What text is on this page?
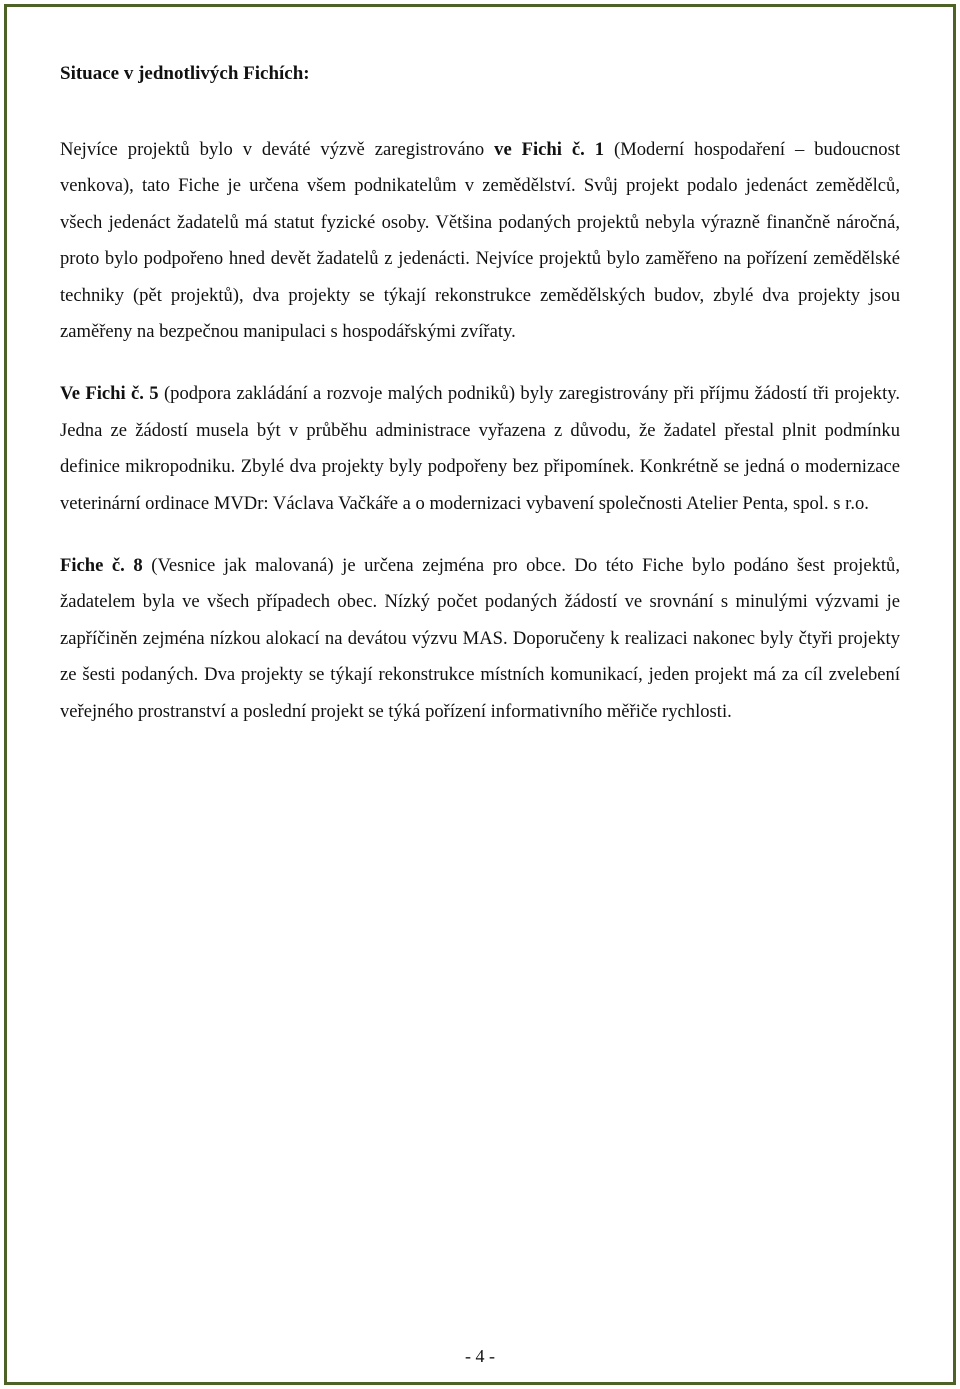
Situace v jednotlivých Fichích:

Nejvíce projektů bylo v deváté výzvě zaregistrováno ve Fichi č. 1 (Moderní hospodaření – budoucnost venkova), tato Fiche je určena všem podnikatelům v zemědělství. Svůj projekt podalo jedenáct zemědělců, všech jedenáct žadatelů má statut fyzické osoby. Většina podaných projektů nebyla výrazně finančně náročná, proto bylo podpořeno hned devět žadatelů z jedenácti. Nejvíce projektů bylo zaměřeno na pořízení zemědělské techniky (pět projektů), dva projekty se týkají rekonstrukce zemědělských budov, zbylé dva projekty jsou zaměřeny na bezpečnou manipulaci s hospodářskými zvířaty.

Ve Fichi č. 5 (podpora zakládání a rozvoje malých podniků) byly zaregistrovány při příjmu žádostí tři projekty. Jedna ze žádostí musela být v průběhu administrace vyřazena z důvodu, že žadatel přestal plnit podmínku definice mikropodniku. Zbylé dva projekty byly podpořeny bez připomínek. Konkrétně se jedná o modernizace veterinární ordinace MVDr: Václava Vačkáře a o modernizaci vybavení společnosti Atelier Penta, spol. s r.o.

Fiche č. 8 (Vesnice jak malovaná) je určena zejména pro obce. Do této Fiche bylo podáno šest projektů, žadatelem byla ve všech případech obec. Nízký počet podaných žádostí ve srovnání s minulými výzvami je zapříčiněn zejména nízkou alokací na devátou výzvu MAS. Doporučeny k realizaci nakonec byly čtyři projekty ze šesti podaných. Dva projekty se týkají rekonstrukce místních komunikací, jeden projekt má za cíl zvelebení veřejného prostranství a poslední projekt se týká pořízení informativního měřiče rychlosti.

- 4 -
